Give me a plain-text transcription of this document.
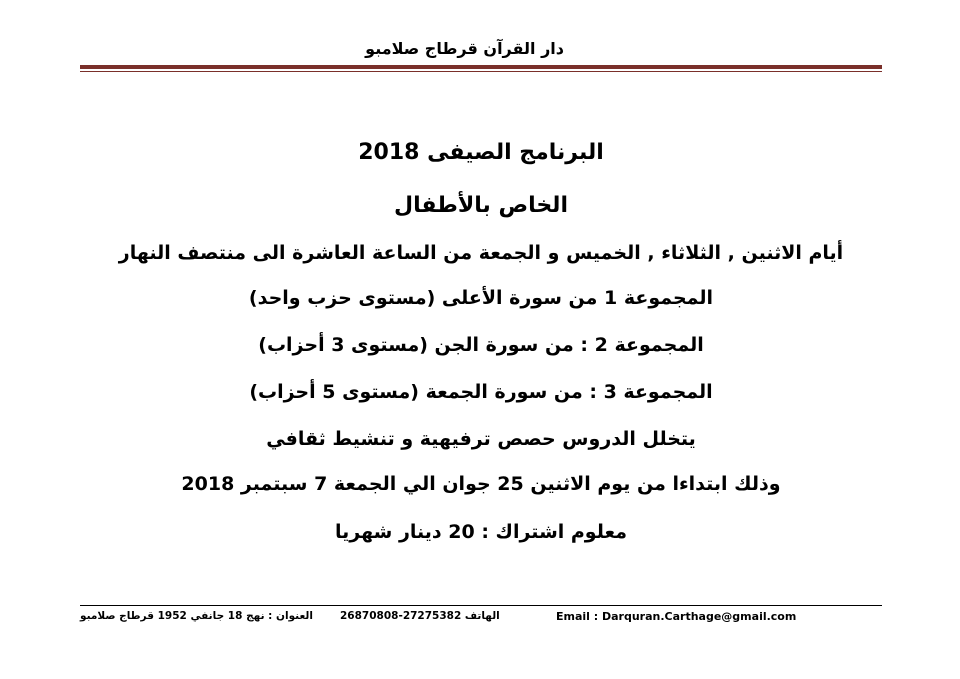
دار القرآن قرطاج صلامبو
البرنامج الصيفى 2018
الخاص بالأطفال
أيام الاثنين , الثلاثاء , الخميس و الجمعة من الساعة العاشرة الى منتصف النهار
المجموعة 1 من سورة الأعلى (مستوى حزب واحد)
المجموعة 2 : من سورة الجن (مستوى 3 أحزاب)
المجموعة 3 : من سورة الجمعة (مستوى 5 أحزاب)
يتخلل الدروس حصص ترفيهية و تنشيط ثقافي
وذلك ابتداءا من يوم الاثنين 25 جوان الي الجمعة 7 سبتمبر 2018
معلوم اشتراك : 20 دينار شهريا
Email : Darquran.Carthage@gmail.com
الهاتف 27275382-26870808
العنوان : نهج 18 جانفي 1952 قرطاج صلامبو
